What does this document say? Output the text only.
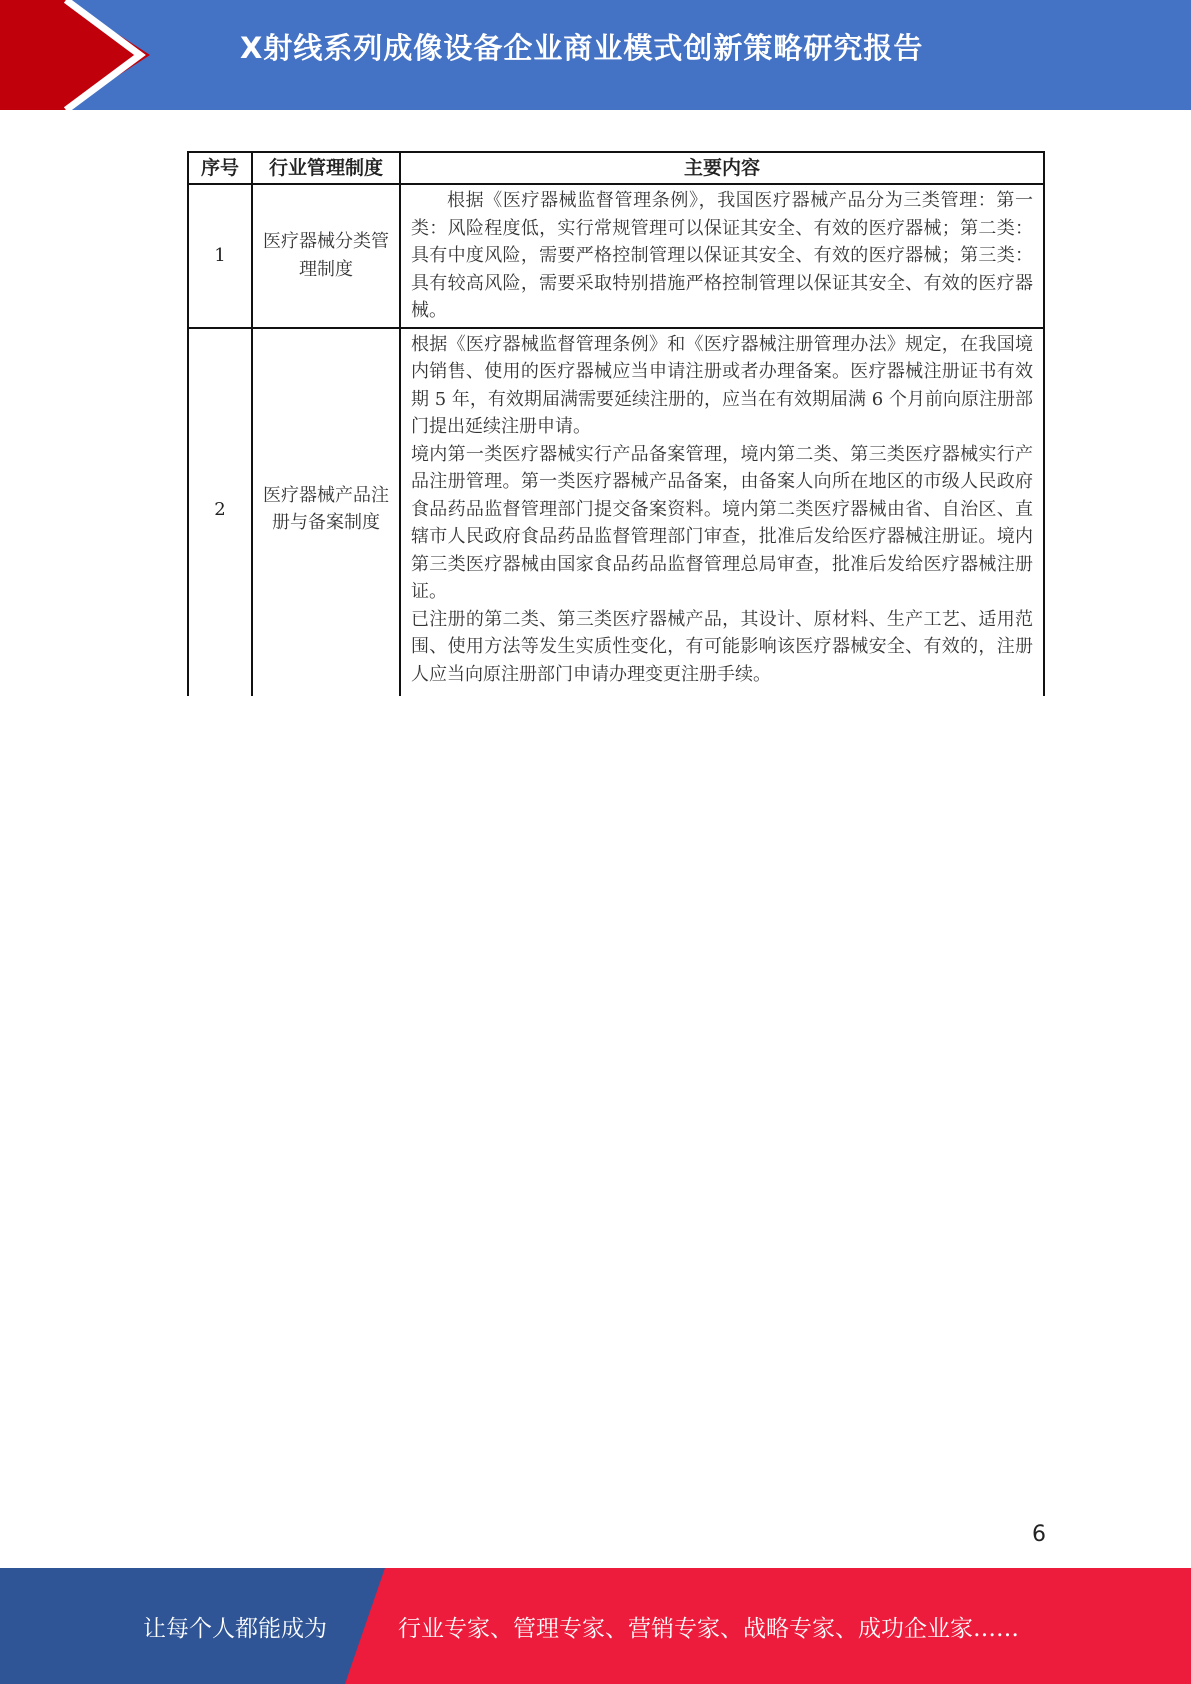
X射线系列成像设备企业商业模式创新策略研究报告
序号	行业管理制度	主要内容
1	医疗器械分类管理制度	根据《医疗器械监督管理条例》，我国医疗器械产品分为三类管理：第一类：风险程度低，实行常规管理可以保证其安全、有效的医疗器械；第二类：具有中度风险，需要严格控制管理以保证其安全、有效的医疗器械；第三类：具有较高风险，需要采取特别措施严格控制管理以保证其安全、有效的医疗器械。

2	医疗器械产品注册与备案制度	根据《医疗器械监督管理条例》和《医疗器械注册管理办法》规定，在我国境内销售、使用的医疗器械应当申请注册或者办理备案。医疗器械注册证书有效期 5 年，有效期届满需要延续注册的，应当在有效期届满 6 个月前向原注册部门提出延续注册申请。

境内第一类医疗器械实行产品备案管理，境内第二类、第三类医疗器械实行产品注册管理。第一类医疗器械产品备案，由备案人向所在地区的市级人民政府食品药品监督管理部门提交备案资料。境内第二类医疗器械由省、自治区、直辖市人民政府食品药品监督管理部门审查，批准后发给医疗器械注册证。境内第三类医疗器械由国家食品药品监督管理总局审查，批准后发给医疗器械注册证。

已注册的第二类、第三类医疗器械产品，其设计、原材料、生产工艺、适用范围、使用方法等发生实质性变化，有可能影响该医疗器械安全、有效的，注册人应当向原注册部门申请办理变更注册手续。

6
让每个人都能成为	行业专家、管理专家、营销专家、战略专家、成功企业家……
